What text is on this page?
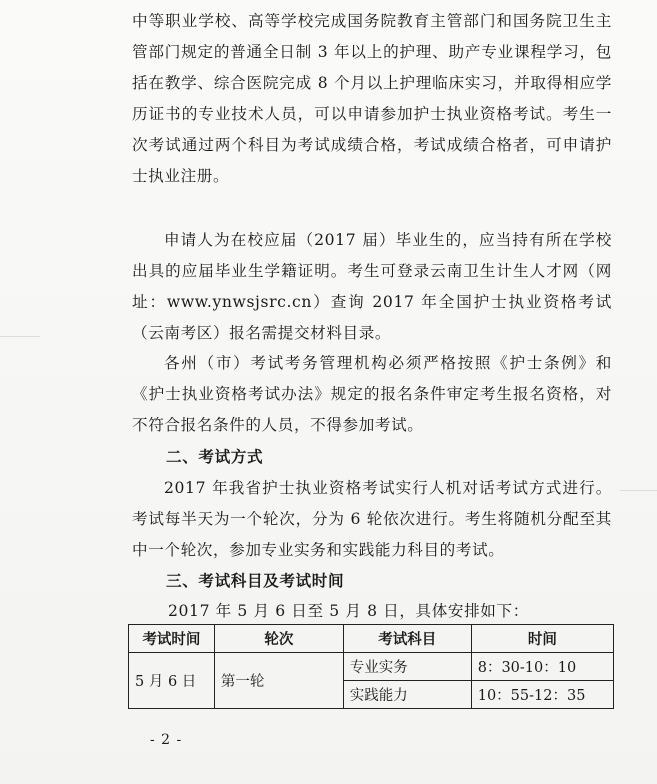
中等职业学校、高等学校完成国务院教育主管部门和国务院卫生主管部门规定的普通全日制 3 年以上的护理、助产专业课程学习，包括在教学、综合医院完成 8 个月以上护理临床实习，并取得相应学历证书的专业技术人员，可以申请参加护士执业资格考试。考生一次考试通过两个科目为考试成绩合格，考试成绩合格者，可申请护士执业注册。

申请人为在校应届（2017 届）毕业生的，应当持有所在学校出具的应届毕业生学籍证明。考生可登录云南卫生计生人才网（网址：www.ynwsjsrc.cn）查询 2017 年全国护士执业资格考试（云南考区）报名需提交材料目录。

各州（市）考试考务管理机构必须严格按照《护士条例》和《护士执业资格考试办法》规定的报名条件审定考生报名资格，对不符合报名条件的人员，不得参加考试。

二、考试方式

2017 年我省护士执业资格考试实行人机对话考试方式进行。考试每半天为一个轮次，分为 6 轮依次进行。考生将随机分配至其中一个轮次，参加专业实务和实践能力科目的考试。

三、考试科目及考试时间

2017 年 5 月 6 日至 5 月 8 日，具体安排如下：

考试时间	轮次	考试科目	时间
5 月 6 日	第一轮	专业实务	8：30-10：10
		实践能力	10：55-12：35

- 2 -
